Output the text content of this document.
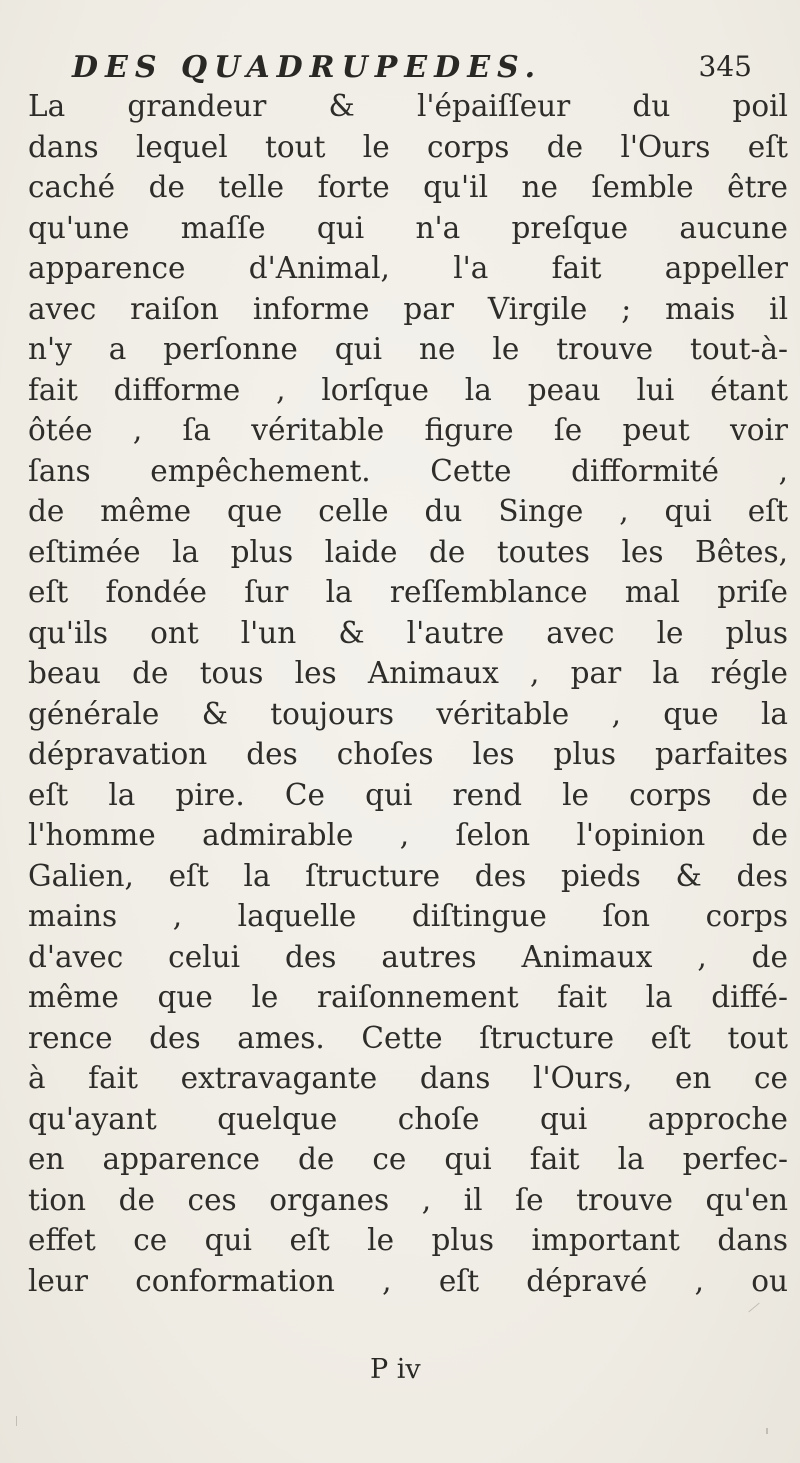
DES QUADRUPEDES.	345
La grandeur & l'épaiſſeur du poil
dans lequel tout le corps de l'Ours eſt
caché de telle forte qu'il ne ſemble être
qu'une maſſe qui n'a preſque aucune
apparence d'Animal, l'a fait appeller
avec raiſon informe par Virgile ; mais il
n'y a perſonne qui ne le trouve tout-à-
fait difforme , lorſque la peau lui étant
ôtée , ſa véritable figure ſe peut voir
ſans empêchement. Cette difformité ,
de même que celle du Singe , qui eſt
eſtimée la plus laide de toutes les Bêtes,
eſt fondée ſur la reſſemblance mal priſe
qu'ils ont l'un & l'autre avec le plus
beau de tous les Animaux , par la régle
générale & toujours véritable , que la
dépravation des choſes les plus parfaites
eſt la pire. Ce qui rend le corps de
l'homme admirable , ſelon l'opinion de
Galien, eſt la ſtructure des pieds & des
mains , laquelle diſtingue ſon corps
d'avec celui des autres Animaux , de
même que le raiſonnement fait la diffé-
rence des ames. Cette ſtructure eſt tout
à fait extravagante dans l'Ours, en ce
qu'ayant quelque choſe qui approche
en apparence de ce qui fait la perfec-
tion de ces organes , il ſe trouve qu'en
effet ce qui eſt le plus important dans
leur conformation , eſt dépravé , ou
P iv
